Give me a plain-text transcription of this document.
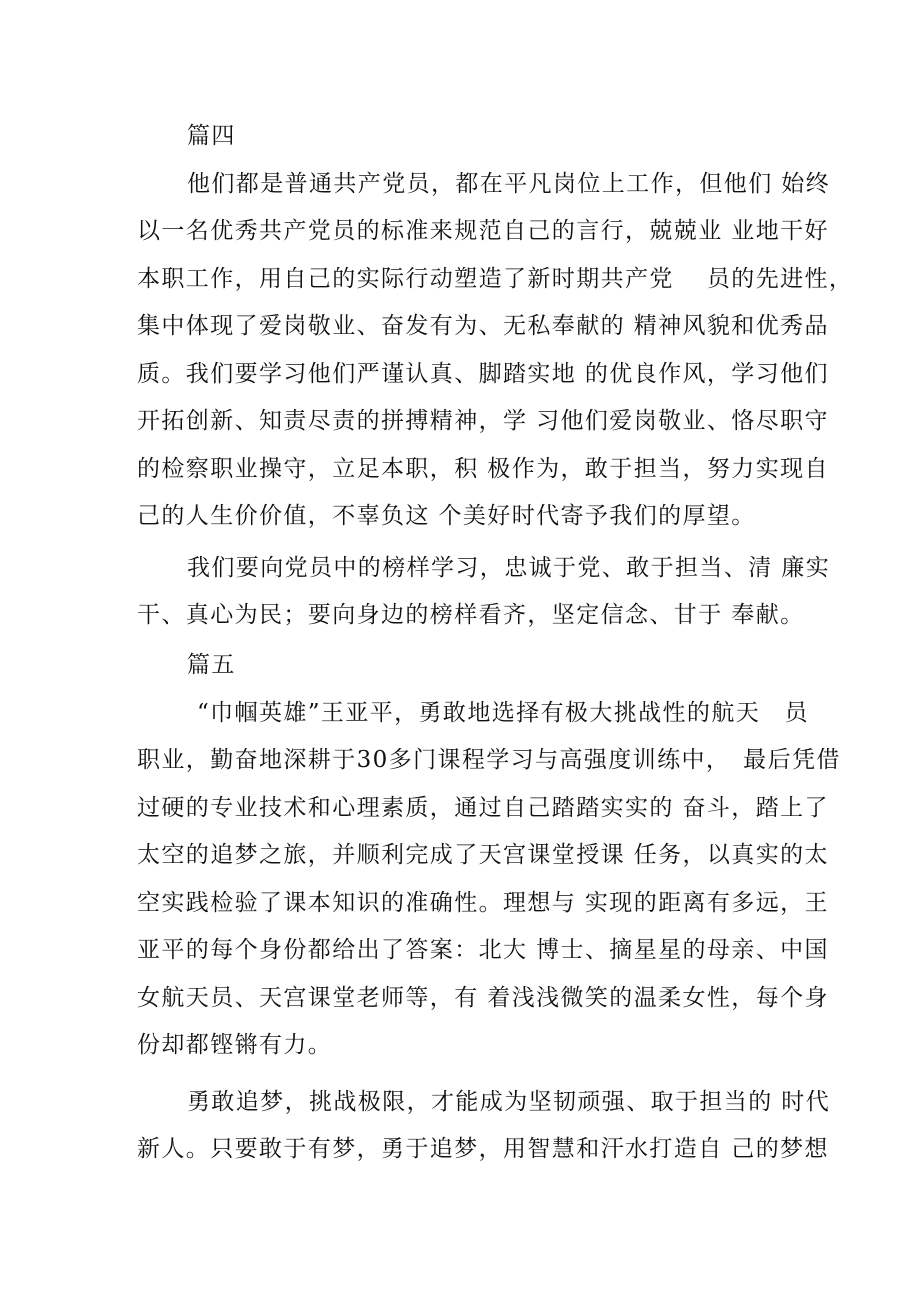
篇四
他们都是普通共产党员，都在平凡岗位上工作，但他们 始终
以一名优秀共产党员的标准来规范自己的言行，兢兢业 业地干好
本职工作，用自己的实际行动塑造了新时期共产党　 员的先进性，
集中体现了爱岗敬业、奋发有为、无私奉献的 精神风貌和优秀品
质。我们要学习他们严谨认真、脚踏实地 的优良作风，学习他们
开拓创新、知责尽责的拼搏精神，学 习他们爱岗敬业、恪尽职守
的检察职业操守，立足本职，积 极作为，敢于担当，努力实现自
己的人生价价值，不辜负这 个美好时代寄予我们的厚望。
我们要向党员中的榜样学习，忠诚于党、敢于担当、清 廉实
干、真心为民；要向身边的榜样看齐，坚定信念、甘于 奉献。
篇五
“巾帼英雄”王亚平，勇敢地选择有极大挑战性的航天　员
职业，勤奋地深耕于30多门课程学习与高强度训练中，　最后凭借
过硬的专业技术和心理素质，通过自己踏踏实实的 奋斗，踏上了
太空的追梦之旅，并顺利完成了天宫课堂授课 任务，以真实的太
空实践检验了课本知识的准确性。理想与 实现的距离有多远，王
亚平的每个身份都给出了答案：北大 博士、摘星星的母亲、中国
女航天员、天宫课堂老师等，有 着浅浅微笑的温柔女性，每个身
份却都铿锵有力。
勇敢追梦，挑战极限，才能成为坚韧顽强、取于担当的 时代
新人。只要敢于有梦，勇于追梦，用智慧和汗水打造自 己的梦想
